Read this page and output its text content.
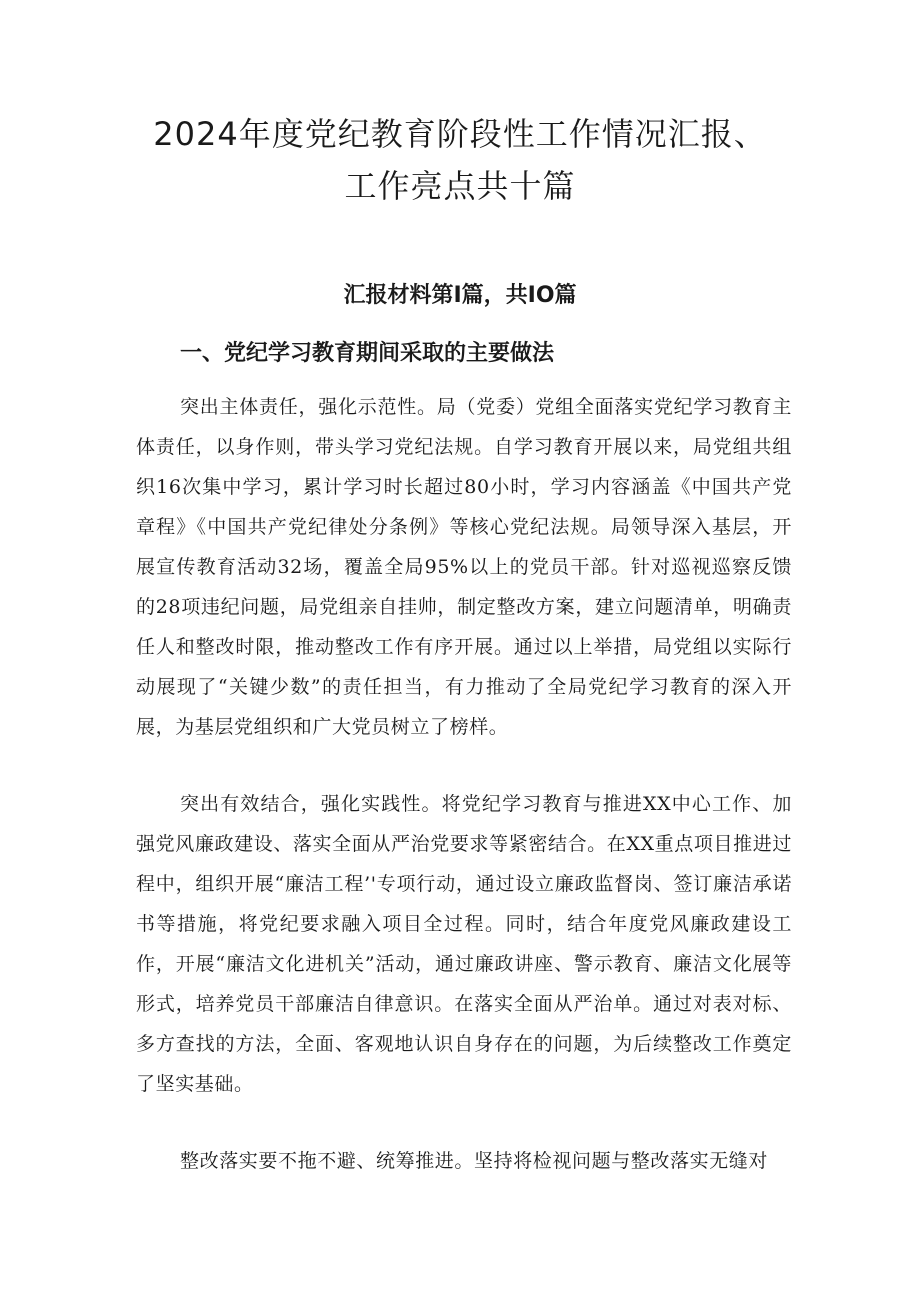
2024年度党纪教育阶段性工作情况汇报、
工作亮点共十篇
汇报材料第Ⅰ篇，共IO篇
一、党纪学习教育期间采取的主要做法

突出主体责任，强化示范性。局（党委）党组全面落实党纪学习教育主体责任，以身作则，带头学习党纪法规。自学习教育开展以来，局党组共组织16次集中学习，累计学习时长超过80小时，学习内容涵盖《中国共产党章程》《中国共产党纪律处分条例》等核心党纪法规。局领导深入基层，开展宣传教育活动32场，覆盖全局95%以上的党员干部。针对巡视巡察反馈的28项违纪问题，局党组亲自挂帅，制定整改方案，建立问题清单，明确责任人和整改时限，推动整改工作有序开展。通过以上举措，局党组以实际行动展现了“关键少数”的责任担当，有力推动了全局党纪学习教育的深入开展，为基层党组织和广大党员树立了榜样。

突出有效结合，强化实践性。将党纪学习教育与推进XX中心工作、加强党风廉政建设、落实全面从严治党要求等紧密结合。在XX重点项目推进过程中，组织开展“廉洁工程’'专项行动，通过设立廉政监督岗、签订廉洁承诺书等措施，将党纪要求融入项目全过程。同时，结合年度党风廉政建设工作，开展“廉洁文化进机关”活动，通过廉政讲座、警示教育、廉洁文化展等形式，培养党员干部廉洁自律意识。在落实全面从严治单。通过对表对标、多方查找的方法，全面、客观地认识自身存在的问题，为后续整改工作奠定了坚实基础。

整改落实要不拖不避、统筹推进。坚持将检视问题与整改落实无缝对
